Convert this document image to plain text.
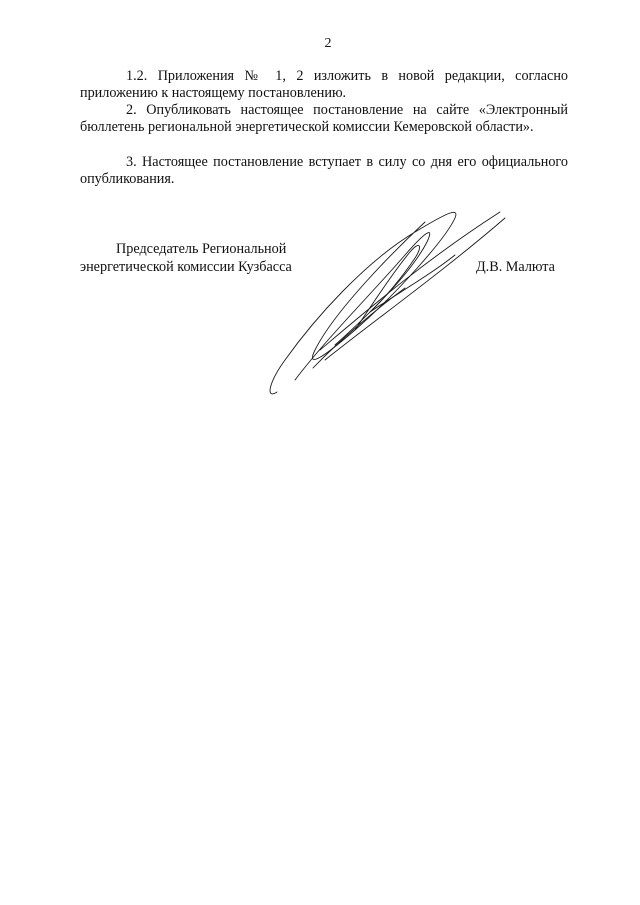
2

1.2. Приложения № 1, 2 изложить в новой редакции, согласно приложению к настоящему постановлению.

2. Опубликовать настоящее постановление на сайте «Электронный бюллетень региональной энергетической комиссии Кемеровской области».

3. Настоящее постановление вступает в силу со дня его официального опубликования.

Председатель Региональной
энергетической комиссии Кузбасса	Д.В. Малюта
